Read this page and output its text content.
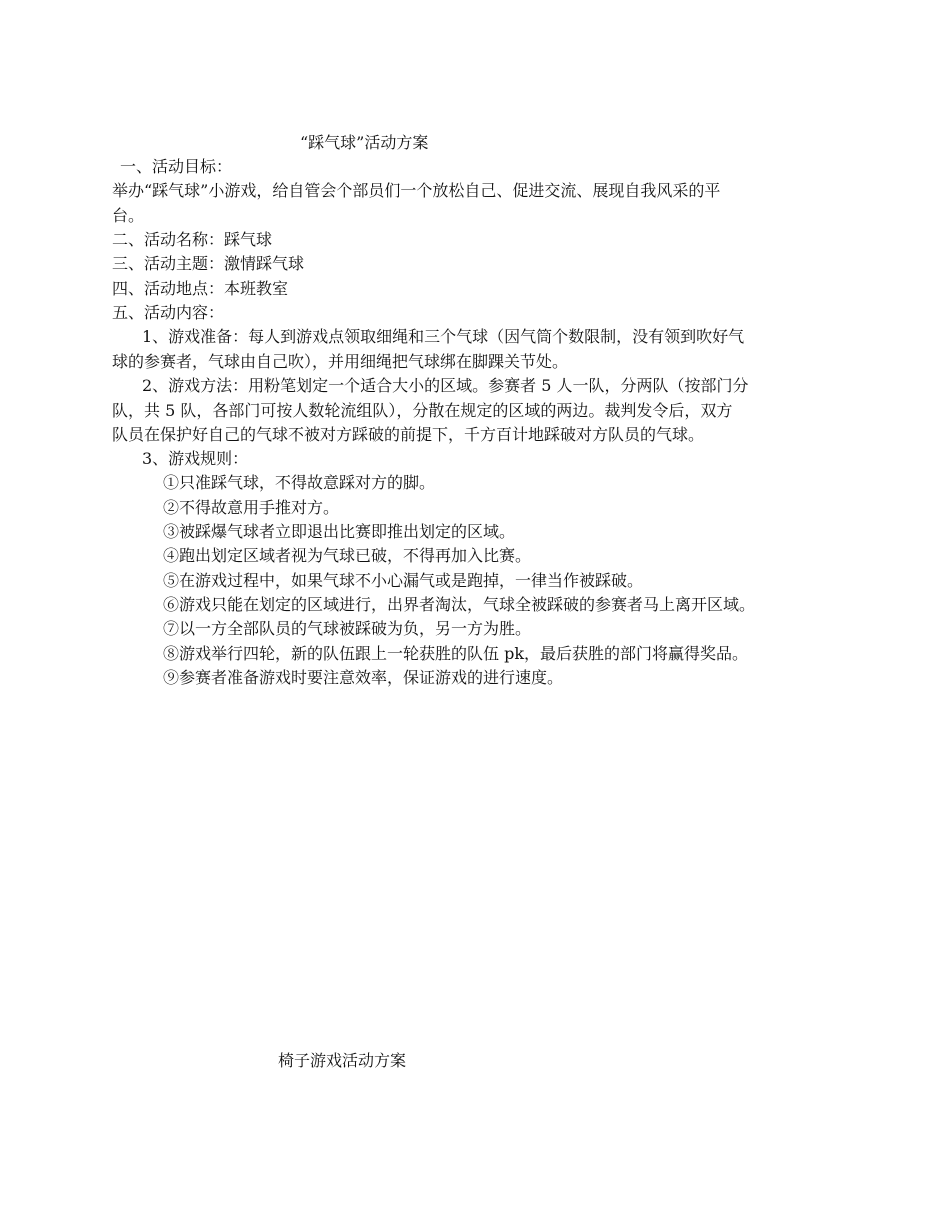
“踩气球”活动方案

一、活动目标：

举办“踩气球”小游戏，给自管会个部员们一个放松自己、促进交流、展现自我风采的平

台。

二、活动名称：踩气球

三、活动主题：激情踩气球

四、活动地点：本班教室

五、活动内容：

1、游戏准备：每人到游戏点领取细绳和三个气球（因气筒个数限制，没有领到吹好气

球的参赛者，气球由自己吹），并用细绳把气球绑在脚踝关节处。

2、游戏方法：用粉笔划定一个适合大小的区域。参赛者 5 人一队，分两队（按部门分

队，共 5 队，各部门可按人数轮流组队），分散在规定的区域的两边。裁判发令后，双方

队员在保护好自己的气球不被对方踩破的前提下，千方百计地踩破对方队员的气球。

3、游戏规则：

①只准踩气球，不得故意踩对方的脚。

②不得故意用手推对方。

③被踩爆气球者立即退出比赛即推出划定的区域。

④跑出划定区域者视为气球已破，不得再加入比赛。

⑤在游戏过程中，如果气球不小心漏气或是跑掉，一律当作被踩破。

⑥游戏只能在划定的区域进行，出界者淘汰，气球全被踩破的参赛者马上离开区域。

⑦以一方全部队员的气球被踩破为负，另一方为胜。

⑧游戏举行四轮，新的队伍跟上一轮获胜的队伍 pk，最后获胜的部门将赢得奖品。

⑨参赛者准备游戏时要注意效率，保证游戏的进行速度。

椅子游戏活动方案
